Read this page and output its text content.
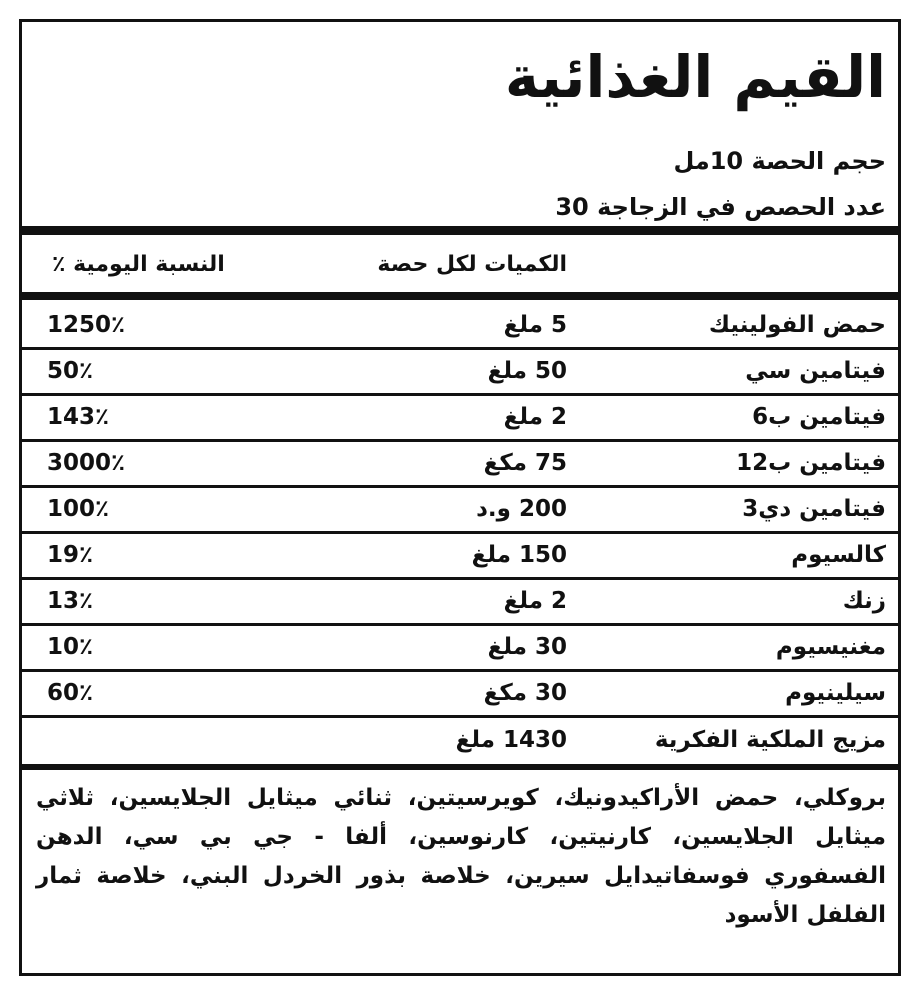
القيم الغذائية
حجم الحصة 10مل
عدد الحصص في الزجاجة 30
الكميات لكل حصة
النسبة اليومية ٪
حمض الفولينيك
5 ملغ
1250٪
فيتامين سي
50 ملغ
50٪
فيتامين ب6
2 ملغ
143٪
فيتامين ب12
75 مكغ
3000٪
فيتامين دي3
200 و.د
100٪
كالسيوم
150 ملغ
19٪
زنك
2 ملغ
13٪
مغنيسيوم
30 ملغ
10٪
سيلينيوم
30 مكغ
60٪
مزيج الملكية الفكرية
1430 ملغ
بروكلي، حمض الأراكيدونيك، كويرسيتين، ثنائي ميثايل الجلايسين، ثلاثي ميثايل الجلايسين، كارنيتين، كارنوسين، ألفا - جي بي سي، الدهن الفسفوري فوسفاتيدايل سيرين، خلاصة بذور الخردل البني، خلاصة ثمار الفلفل الأسود
